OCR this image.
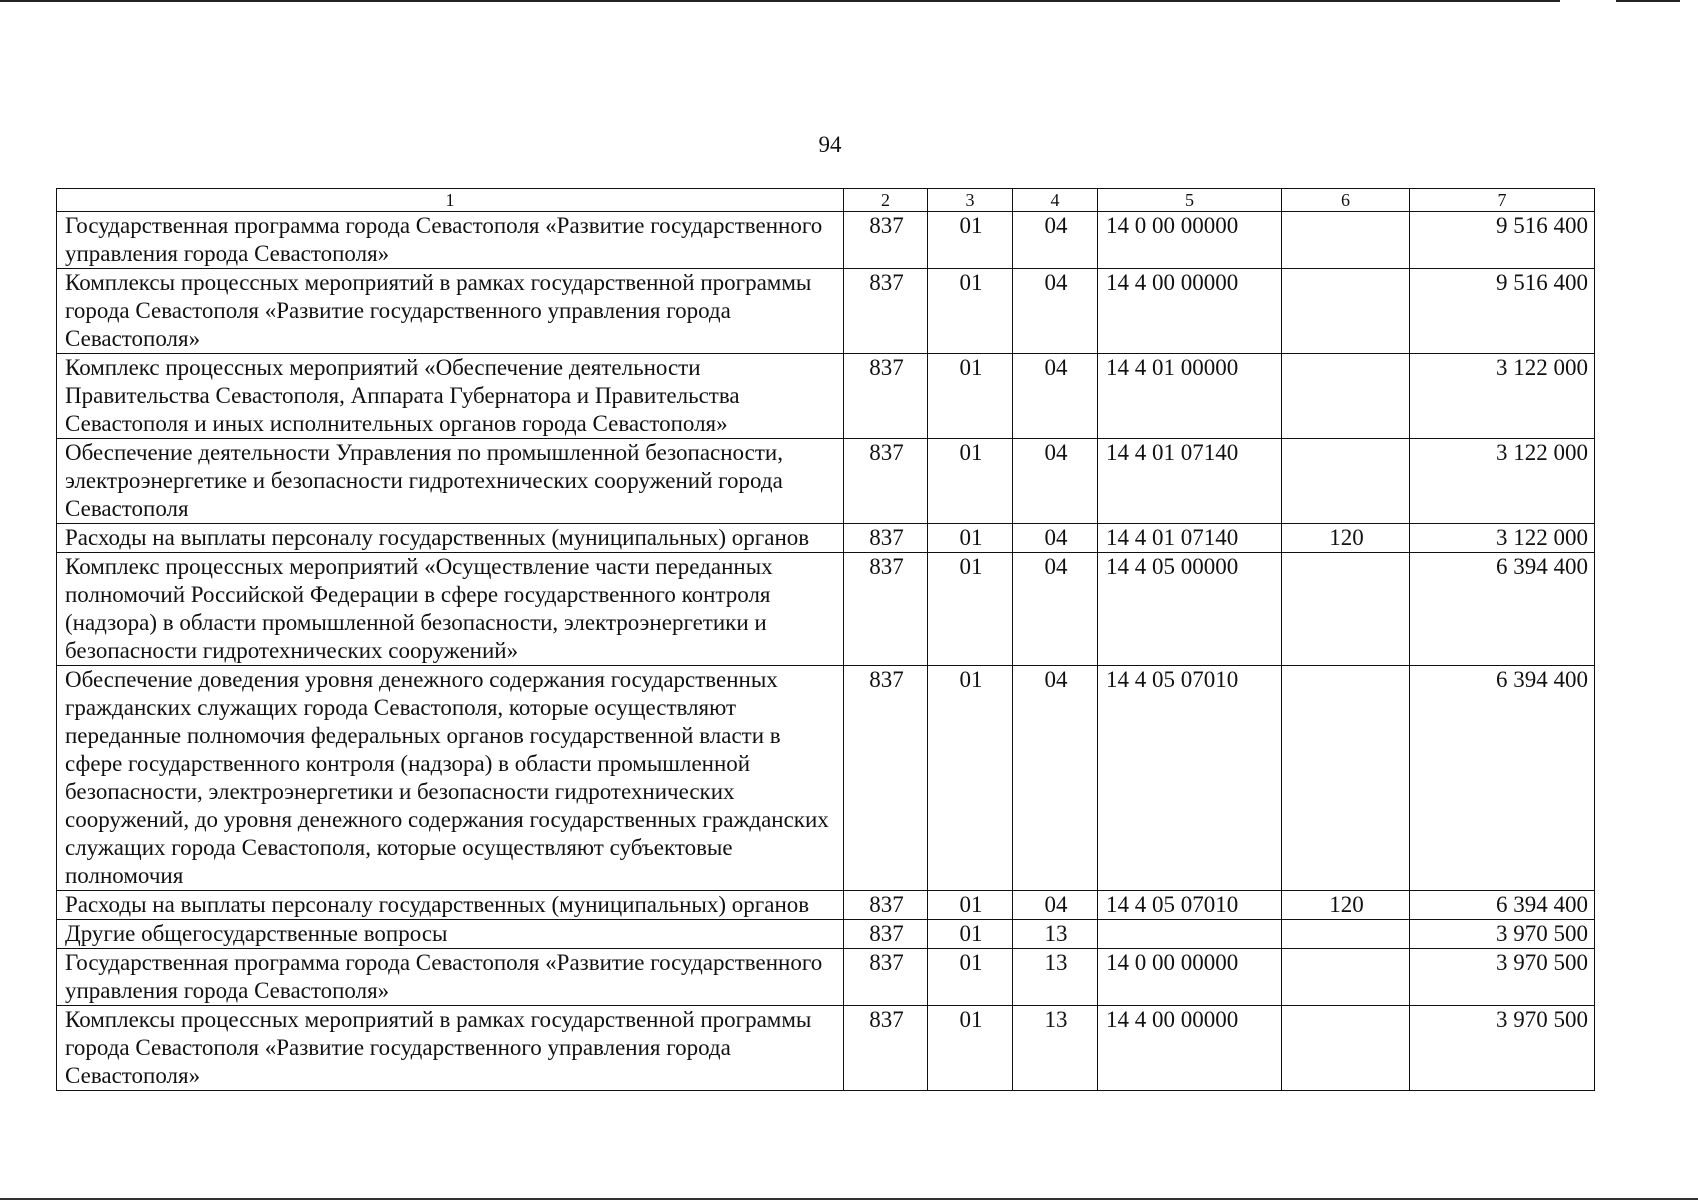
94
1	2	3	4	5	6	7
Государственная программа города Севастополя «Развитие государственного управления города Севастополя»	837	01	04	14 0 00 00000		9 516 400
Комплексы процессных мероприятий в рамках государственной программы города Севастополя «Развитие государственного управления города Севастополя»	837	01	04	14 4 00 00000		9 516 400
Комплекс процессных мероприятий «Обеспечение деятельности Правительства Севастополя, Аппарата Губернатора и Правительства Севастополя и иных исполнительных органов города Севастополя»	837	01	04	14 4 01 00000		3 122 000
Обеспечение деятельности Управления по промышленной безопасности, электроэнергетике и безопасности гидротехнических сооружений города Севастополя	837	01	04	14 4 01 07140		3 122 000
Расходы на выплаты персоналу государственных (муниципальных) органов	837	01	04	14 4 01 07140	120	3 122 000
Комплекс процессных мероприятий «Осуществление части переданных полномочий Российской Федерации в сфере государственного контроля (надзора) в области промышленной безопасности, электроэнергетики и безопасности гидротехнических сооружений»	837	01	04	14 4 05 00000		6 394 400
Обеспечение доведения уровня денежного содержания государственных гражданских служащих города Севастополя, которые осуществляют переданные полномочия федеральных органов государственной власти в сфере государственного контроля (надзора) в области промышленной безопасности, электроэнергетики и безопасности гидротехнических сооружений, до уровня денежного содержания государственных гражданских служащих города Севастополя, которые осуществляют субъектовые полномочия	837	01	04	14 4 05 07010		6 394 400
Расходы на выплаты персоналу государственных (муниципальных) органов	837	01	04	14 4 05 07010	120	6 394 400
Другие общегосударственные вопросы	837	01	13			3 970 500
Государственная программа города Севастополя «Развитие государственного управления города Севастополя»	837	01	13	14 0 00 00000		3 970 500
Комплексы процессных мероприятий в рамках государственной программы города Севастополя «Развитие государственного управления города Севастополя»	837	01	13	14 4 00 00000		3 970 500
